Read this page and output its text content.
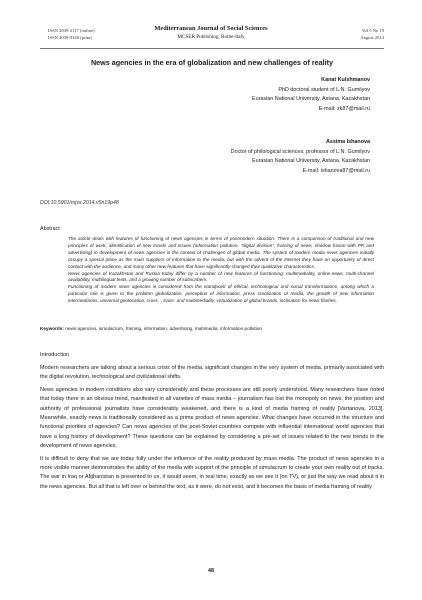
ISSN 2039-2117 (online)
ISSN 2039-9340 (print)
Mediterranean Journal of Social Sciences
MCSER Publishing, Rome-Italy
Vol 5 No 19
August 2014
News agencies in the era of globalization and new challenges of reality
Kanat Kulshmanov
PhD doctoral student of L.N. Gumilyov
Eurasian National University, Astana, Kazakhstan
E-mail: zk87@mail.ru
Assima Ishanova
Doctor of philological sciences, professor of L.N. Gumilyov
Eurasian National University, Astana, Kazakhstan
E-mail: ishanova87@mail.ru
DOI:10.5901/mjss.2014.v5n19p48
Abstract

The article deals with features of functioning of news agencies in terms of postmodern situation. There is a comparison of traditional and new principles of work, identification of new trends and issues (information pollution, "digital division", framing of news, shadow fusion with PR and advertising) in development of news agencies in the context of challenges of global media. The system of modern media news agencies initially occupy a special place as the main suppliers of information to the media, but with the advent of the Internet they have an opportunity of direct contact with the audience, and many other new features that have significantly changed their qualitative characteristics.

News agencies of Kazakhstan and Russia today differ by a number of new features of functioning: multimediality, online-news, multi-channel availability, multilingual texts, and a growing number of subscribers.

Functioning of modern news agencies is considered from the standpoint of ethical, technological and social transformations, among which a particular role is given to the problem globalization, perception of information, press creolization of media, the growth of new information intermediaries, universal geolocation, cross -, trans- and multimediality, virtualization of global brands, inclination for news flashes.

Keywords: news agencies, simulacrum, framing, information, advertising, multimedia, information pollution
Introduction

Modern researchers are talking about a serious crisis of the media, significant changes in the very system of media, primarily associated with the digital revolution, technological and civilizational shifts.

News agencies in modern conditions also vary considerably and these processes are still poorly understood. Many researchers have noted that today there in an obvious trend, manifested in all varieties of mass media – journalism has lost the monopoly on news, the position and authority of professional journalists have considerably weakened, and there is a kind of media framing of reality [Vartanova, 2013]. Meanwhile, exactly news is traditionally considered as a prime product of news agencies. What changes have occurred in the structure and functional priorities of agencies? Can news agencies of the post-Soviet countries compete with influential international world agencies that have a long history of development? These questions can be explained by considering a pre-set of issues related to the new trends in the development of news agencies.

It is difficult to deny that we are today fully under the influence of the reality produced by mass media. The product of news agencies in a more visible manner demonstrates the ability of the media with support of the principle of simulacrum to create your own reality out of tracks. The war in Iraq or Afghanistan is presented to us, it would seem, in real time, exactly as we see it (on TV), or just the way we read about it in the news agencies. But all that is left over or behind the text, as it were, do not exist, and it becomes the basis of media framing of reality.

48
